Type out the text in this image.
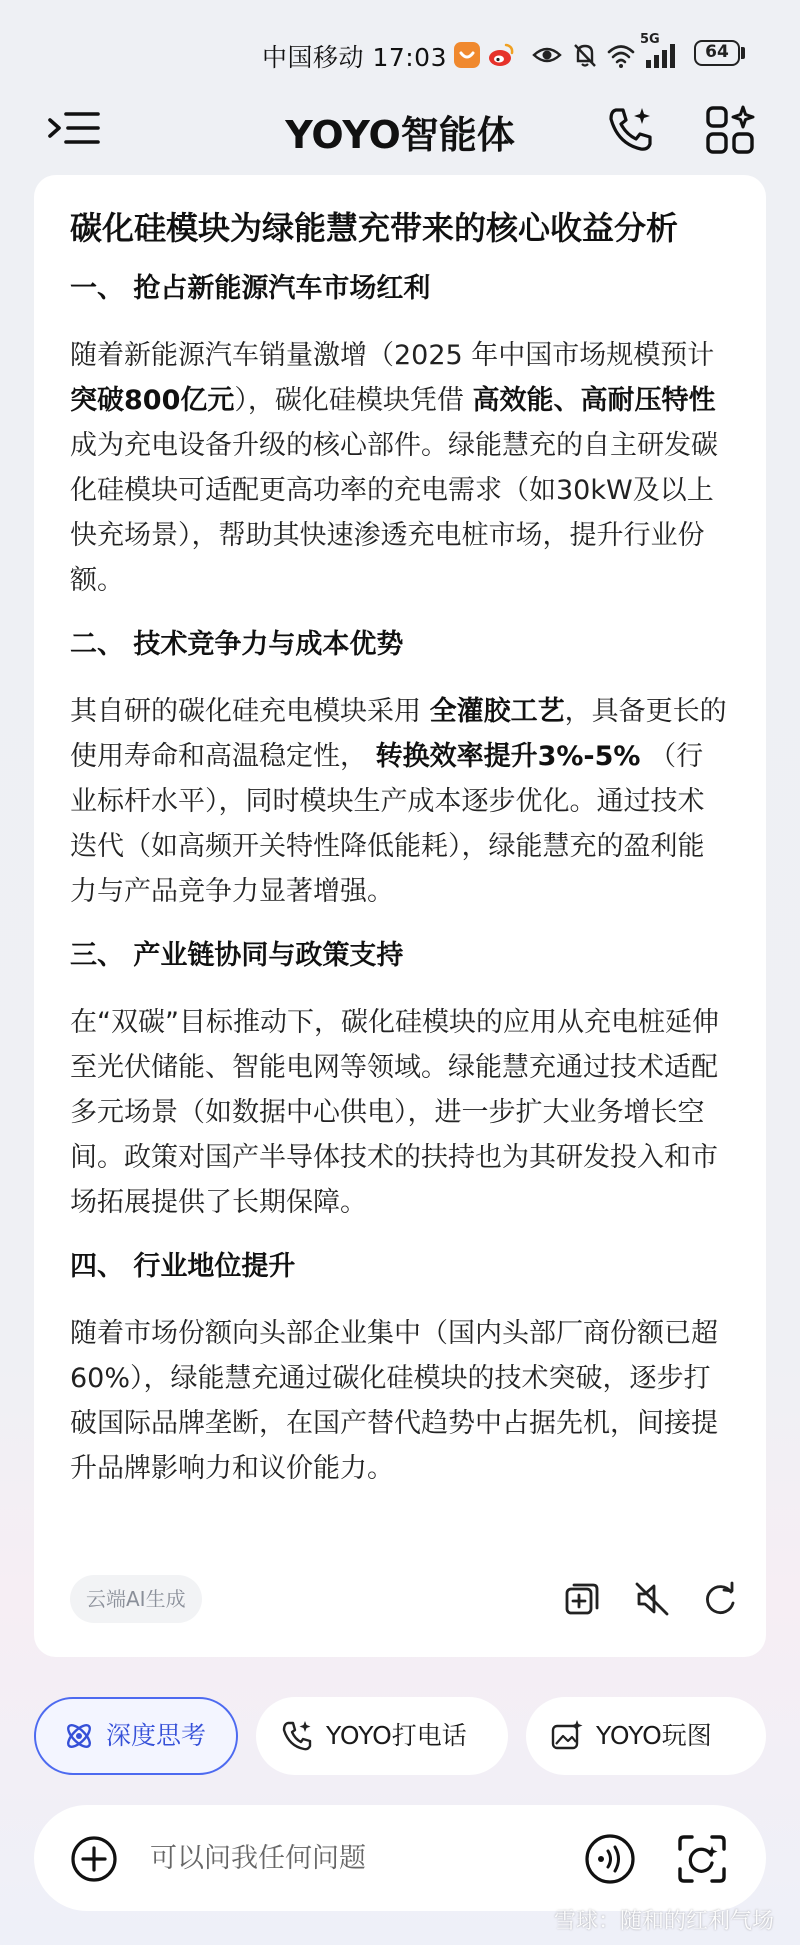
中国移动 17:03
5G
64
YOYO智能体
碳化硅模块为绿能慧充带来的核心收益分析
一、 抢占新能源汽车市场红利

随着新能源汽车销量激增（2025 年中国市场规模预计 突破800亿元），碳化硅模块凭借 高效能、高耐压特性 成为充电设备升级的核心部件。绿能慧充的自主研发碳化硅模块可适配更高功率的充电需求（如30kW及以上快充场景），帮助其快速渗透充电桩市场，提升行业份额。

二、 技术竞争力与成本优势

其自研的碳化硅充电模块采用 全灌胶工艺，具备更长的使用寿命和高温稳定性， 转换效率提升3%-5% （行业标杆水平），同时模块生产成本逐步优化。通过技术迭代（如高频开关特性降低能耗），绿能慧充的盈利能力与产品竞争力显著增强。

三、 产业链协同与政策支持

在“双碳”目标推动下，碳化硅模块的应用从充电桩延伸至光伏储能、智能电网等领域。绿能慧充通过技术适配多元场景（如数据中心供电），进一步扩大业务增长空间。政策对国产半导体技术的扶持也为其研发投入和市场拓展提供了长期保障。

四、 行业地位提升

随着市场份额向头部企业集中（国内头部厂商份额已超60%），绿能慧充通过碳化硅模块的技术突破，逐步打破国际品牌垄断，在国产替代趋势中占据先机，间接提升品牌影响力和议价能力。

云端AI生成
深度思考	YOYO打电话	YOYO玩图
可以问我任何问题
雪球：随和的红利气场
